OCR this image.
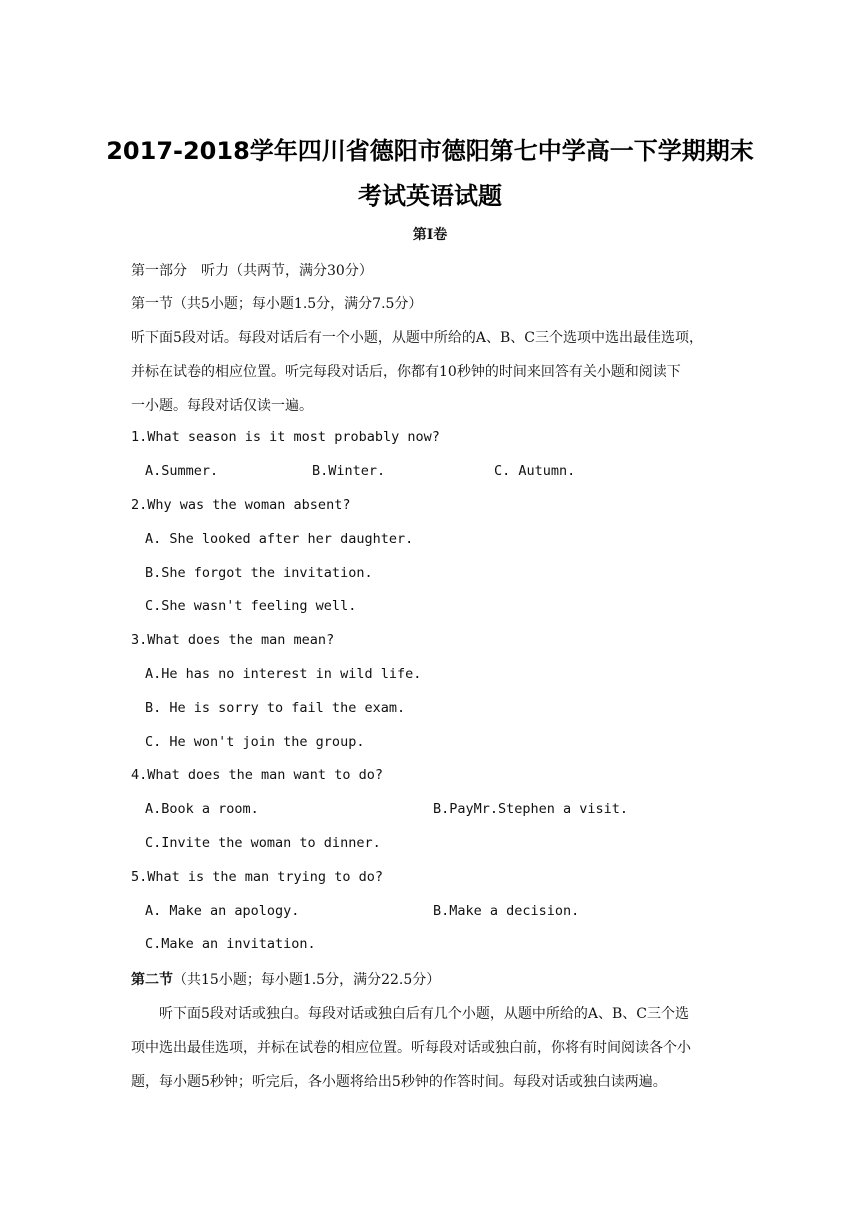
2017-2018学年四川省德阳市德阳第七中学高一下学期期末
考试英语试题
第Ⅰ卷
第一部分　听力（共两节，满分30分）
第一节（共5小题；每小题1.5分，满分7.5分）
听下面5段对话。每段对话后有一个小题，从题中所给的A、B、C三个选项中选出最佳选项，
并标在试卷的相应位置。听完每段对话后，你都有10秒钟的时间来回答有关小题和阅读下
一小题。每段对话仅读一遍。
1.What season is it most probably now?
A.Summer.	B.Winter.	C. Autumn.
2.Why was the woman absent?
A. She looked after her daughter.
B.She forgot the invitation.
C.She wasn't feeling well.
3.What does the man mean?
A.He has no interest in wild life.
B. He is sorry to fail the exam.
C. He won't join the group.
4.What does the man want to do?
A.Book a room.	B.PayMr.Stephen a visit.
C.Invite the woman to dinner.
5.What is the man trying to do?
A. Make an apology.	B.Make a decision.
C.Make an invitation.
第二节（共15小题；每小题1.5分，满分22.5分）
听下面5段对话或独白。每段对话或独白后有几个小题，从题中所给的A、B、C三个选
项中选出最佳选项，并标在试卷的相应位置。听每段对话或独白前，你将有时间阅读各个小
题，每小题5秒钟；听完后，各小题将给出5秒钟的作答时间。每段对话或独白读两遍。
